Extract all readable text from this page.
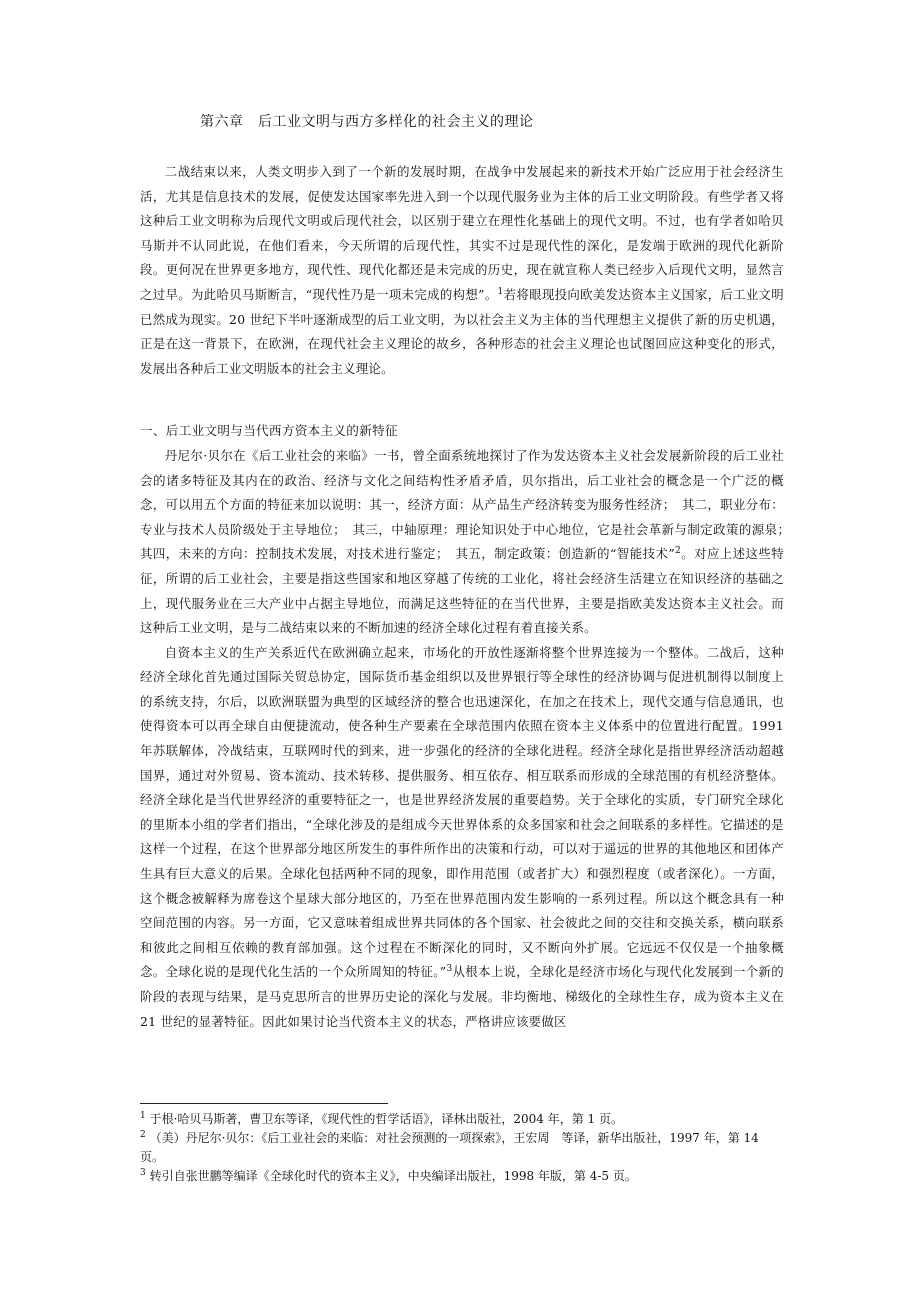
第六章　后工业文明与西方多样化的社会主义的理论

二战结束以来，人类文明步入到了一个新的发展时期，在战争中发展起来的新技术开始广泛应用于社会经济生活，尤其是信息技术的发展，促使发达国家率先进入到一个以现代服务业为主体的后工业文明阶段。有些学者又将这种后工业文明称为后现代文明或后现代社会，以区别于建立在理性化基础上的现代文明。不过，也有学者如哈贝马斯并不认同此说，在他们看来，今天所谓的后现代性，其实不过是现代性的深化，是发端于欧洲的现代化新阶段。更何况在世界更多地方，现代性、现代化都还是未完成的历史，现在就宣称人类已经步入后现代文明，显然言之过早。为此哈贝马斯断言，“现代性乃是一项未完成的构想”。$^1$若将眼现投向欧美发达资本主义国家，后工业文明已然成为现实。20 世纪下半叶逐渐成型的后工业文明，为以社会主义为主体的当代理想主义提供了新的历史机遇，正是在这一背景下，在欧洲，在现代社会主义理论的故乡，各种形态的社会主义理论也试图回应这种变化的形式，发展出各种后工业文明版本的社会主义理论。

一、后工业文明与当代西方资本主义的新特征

丹尼尔·贝尔在《后工业社会的来临》一书，曾全面系统地探讨了作为发达资本主义社会发展新阶段的后工业社会的诸多特征及其内在的政治、经济与文化之间结构性矛盾矛盾，贝尔指出，后工业社会的概念是一个广泛的概念，可以用五个方面的特征来加以说明：其一，经济方面：从产品生产经济转变为服务性经济；　其二，职业分布：专业与技术人员阶级处于主导地位；　其三，中轴原理：理论知识处于中心地位，它是社会革新与制定政策的源泉；　其四，未来的方向：控制技术发展，对技术进行鉴定；　其五，制定政策：创造新的“智能技术”$^2$。对应上述这些特征，所谓的后工业社会，主要是指这些国家和地区穿越了传统的工业化，将社会经济生活建立在知识经济的基础之上，现代服务业在三大产业中占据主导地位，而满足这些特征的在当代世界，主要是指欧美发达资本主义社会。而这种后工业文明，是与二战结束以来的不断加速的经济全球化过程有着直接关系。

自资本主义的生产关系近代在欧洲确立起来，市场化的开放性逐渐将整个世界连接为一个整体。二战后，这种经济全球化首先通过国际关贸总协定，国际货币基金组织以及世界银行等全球性的经济协调与促进机制得以制度上的系统支持，尔后，以欧洲联盟为典型的区域经济的整合也迅速深化，在加之在技术上，现代交通与信息通讯，也使得资本可以再全球自由便捷流动，使各种生产要素在全球范围内依照在资本主义体系中的位置进行配置。1991 年苏联解体，冷战结束，互联网时代的到来，进一步强化的经济的全球化进程。经济全球化是指世界经济活动超越国界，通过对外贸易、资本流动、技术转移、提供服务、相互依存、相互联系而形成的全球范围的有机经济整体。经济全球化是当代世界经济的重要特征之一，也是世界经济发展的重要趋势。关于全球化的实质，专门研究全球化的里斯本小组的学者们指出，“全球化涉及的是组成今天世界体系的众多国家和社会之间联系的多样性。它描述的是这样一个过程，在这个世界部分地区所发生的事件所作出的决策和行动，可以对于遥远的世界的其他地区和团体产生具有巨大意义的后果。全球化包括两种不同的现象，即作用范围（或者扩大）和强烈程度（或者深化）。一方面，这个概念被解释为席卷这个星球大部分地区的，乃至在世界范围内发生影响的一系列过程。所以这个概念具有一种空间范围的内容。另一方面，它又意味着组成世界共同体的各个国家、社会彼此之间的交往和交换关系，横向联系和彼此之间相互依赖的教育部加强。这个过程在不断深化的同时，又不断向外扩展。它远远不仅仅是一个抽象概念。全球化说的是现代化生活的一个众所周知的特征。”$^3$从根本上说，全球化是经济市场化与现代化发展到一个新的阶段的表现与结果，是马克思所言的世界历史论的深化与发展。非均衡地、梯级化的全球性生存，成为资本主义在 21 世纪的显著特征。因此如果讨论当代资本主义的状态，严格讲应该要做区

$^1$ 于根·哈贝马斯著，曹卫东等译，《现代性的哲学话语》，译林出版社，2004 年，第 1 页。

$^2$ （美）丹尼尔·贝尔：《后工业社会的来临：对社会预测的一项探索》，王宏周　等译，新华出版社，1997 年，第 14 页。

$^3$ 转引自张世鹏等编译《全球化时代的资本主义》，中央编译出版社，1998 年版，第 4-5 页。
